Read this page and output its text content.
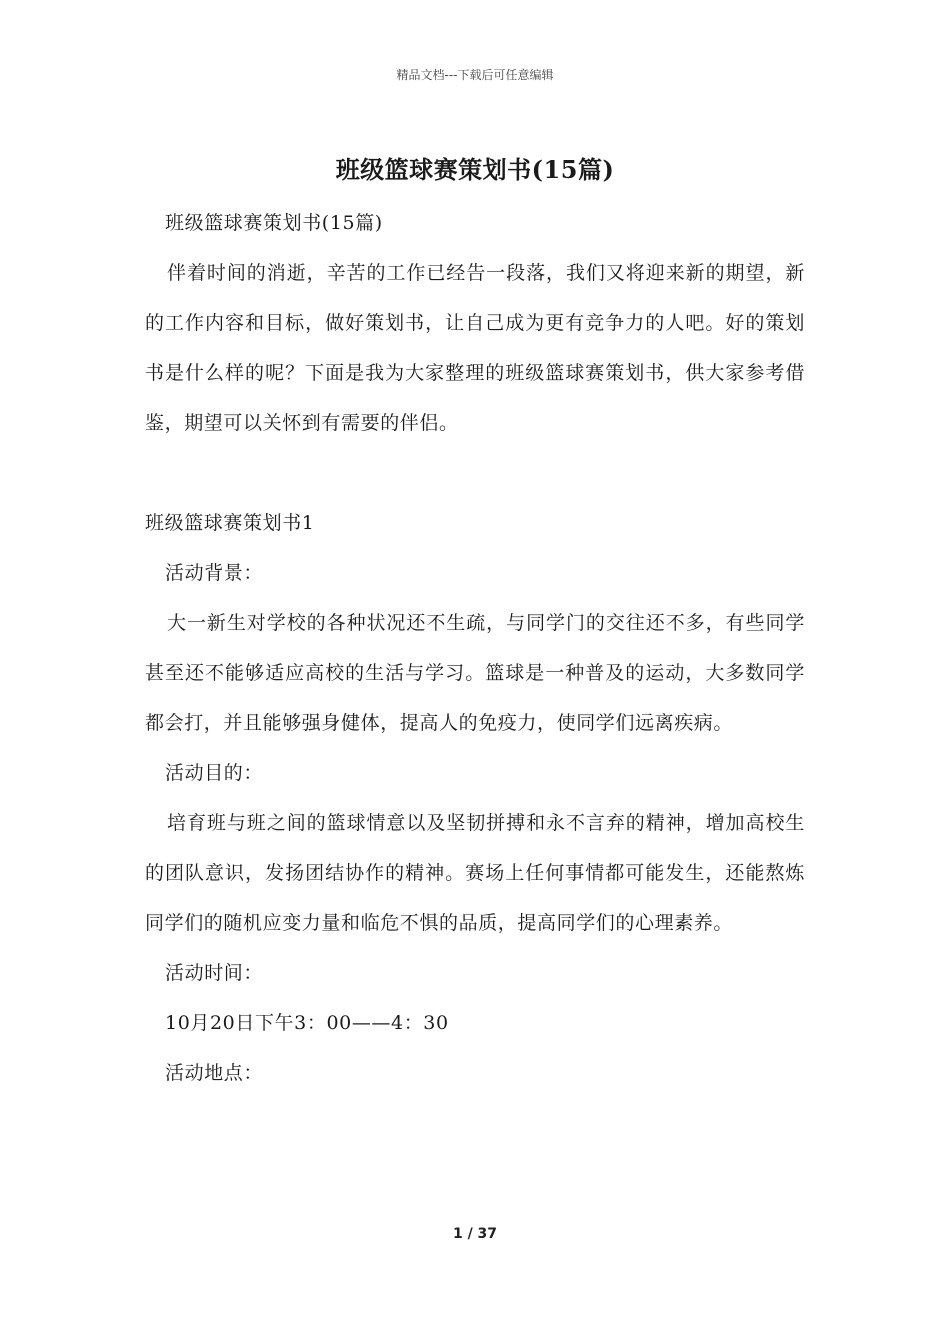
精品文档---下载后可任意编辑
班级篮球赛策划书(15篇)

班级篮球赛策划书(15篇)

伴着时间的消逝，辛苦的工作已经告一段落，我们又将迎来新的期望，新的工作内容和目标，做好策划书，让自己成为更有竞争力的人吧。好的策划书是什么样的呢？下面是我为大家整理的班级篮球赛策划书，供大家参考借鉴，期望可以关怀到有需要的伴侣。

班级篮球赛策划书1

活动背景：

大一新生对学校的各种状况还不生疏，与同学门的交往还不多，有些同学甚至还不能够适应高校的生活与学习。篮球是一种普及的运动，大多数同学都会打，并且能够强身健体，提高人的免疫力，使同学们远离疾病。

活动目的：

培育班与班之间的篮球情意以及坚韧拼搏和永不言弃的精神，增加高校生的团队意识，发扬团结协作的精神。赛场上任何事情都可能发生，还能熬炼同学们的随机应变力量和临危不惧的品质，提高同学们的心理素养。

活动时间：

10月20日下午3：00——4：30

活动地点：

1 / 37
